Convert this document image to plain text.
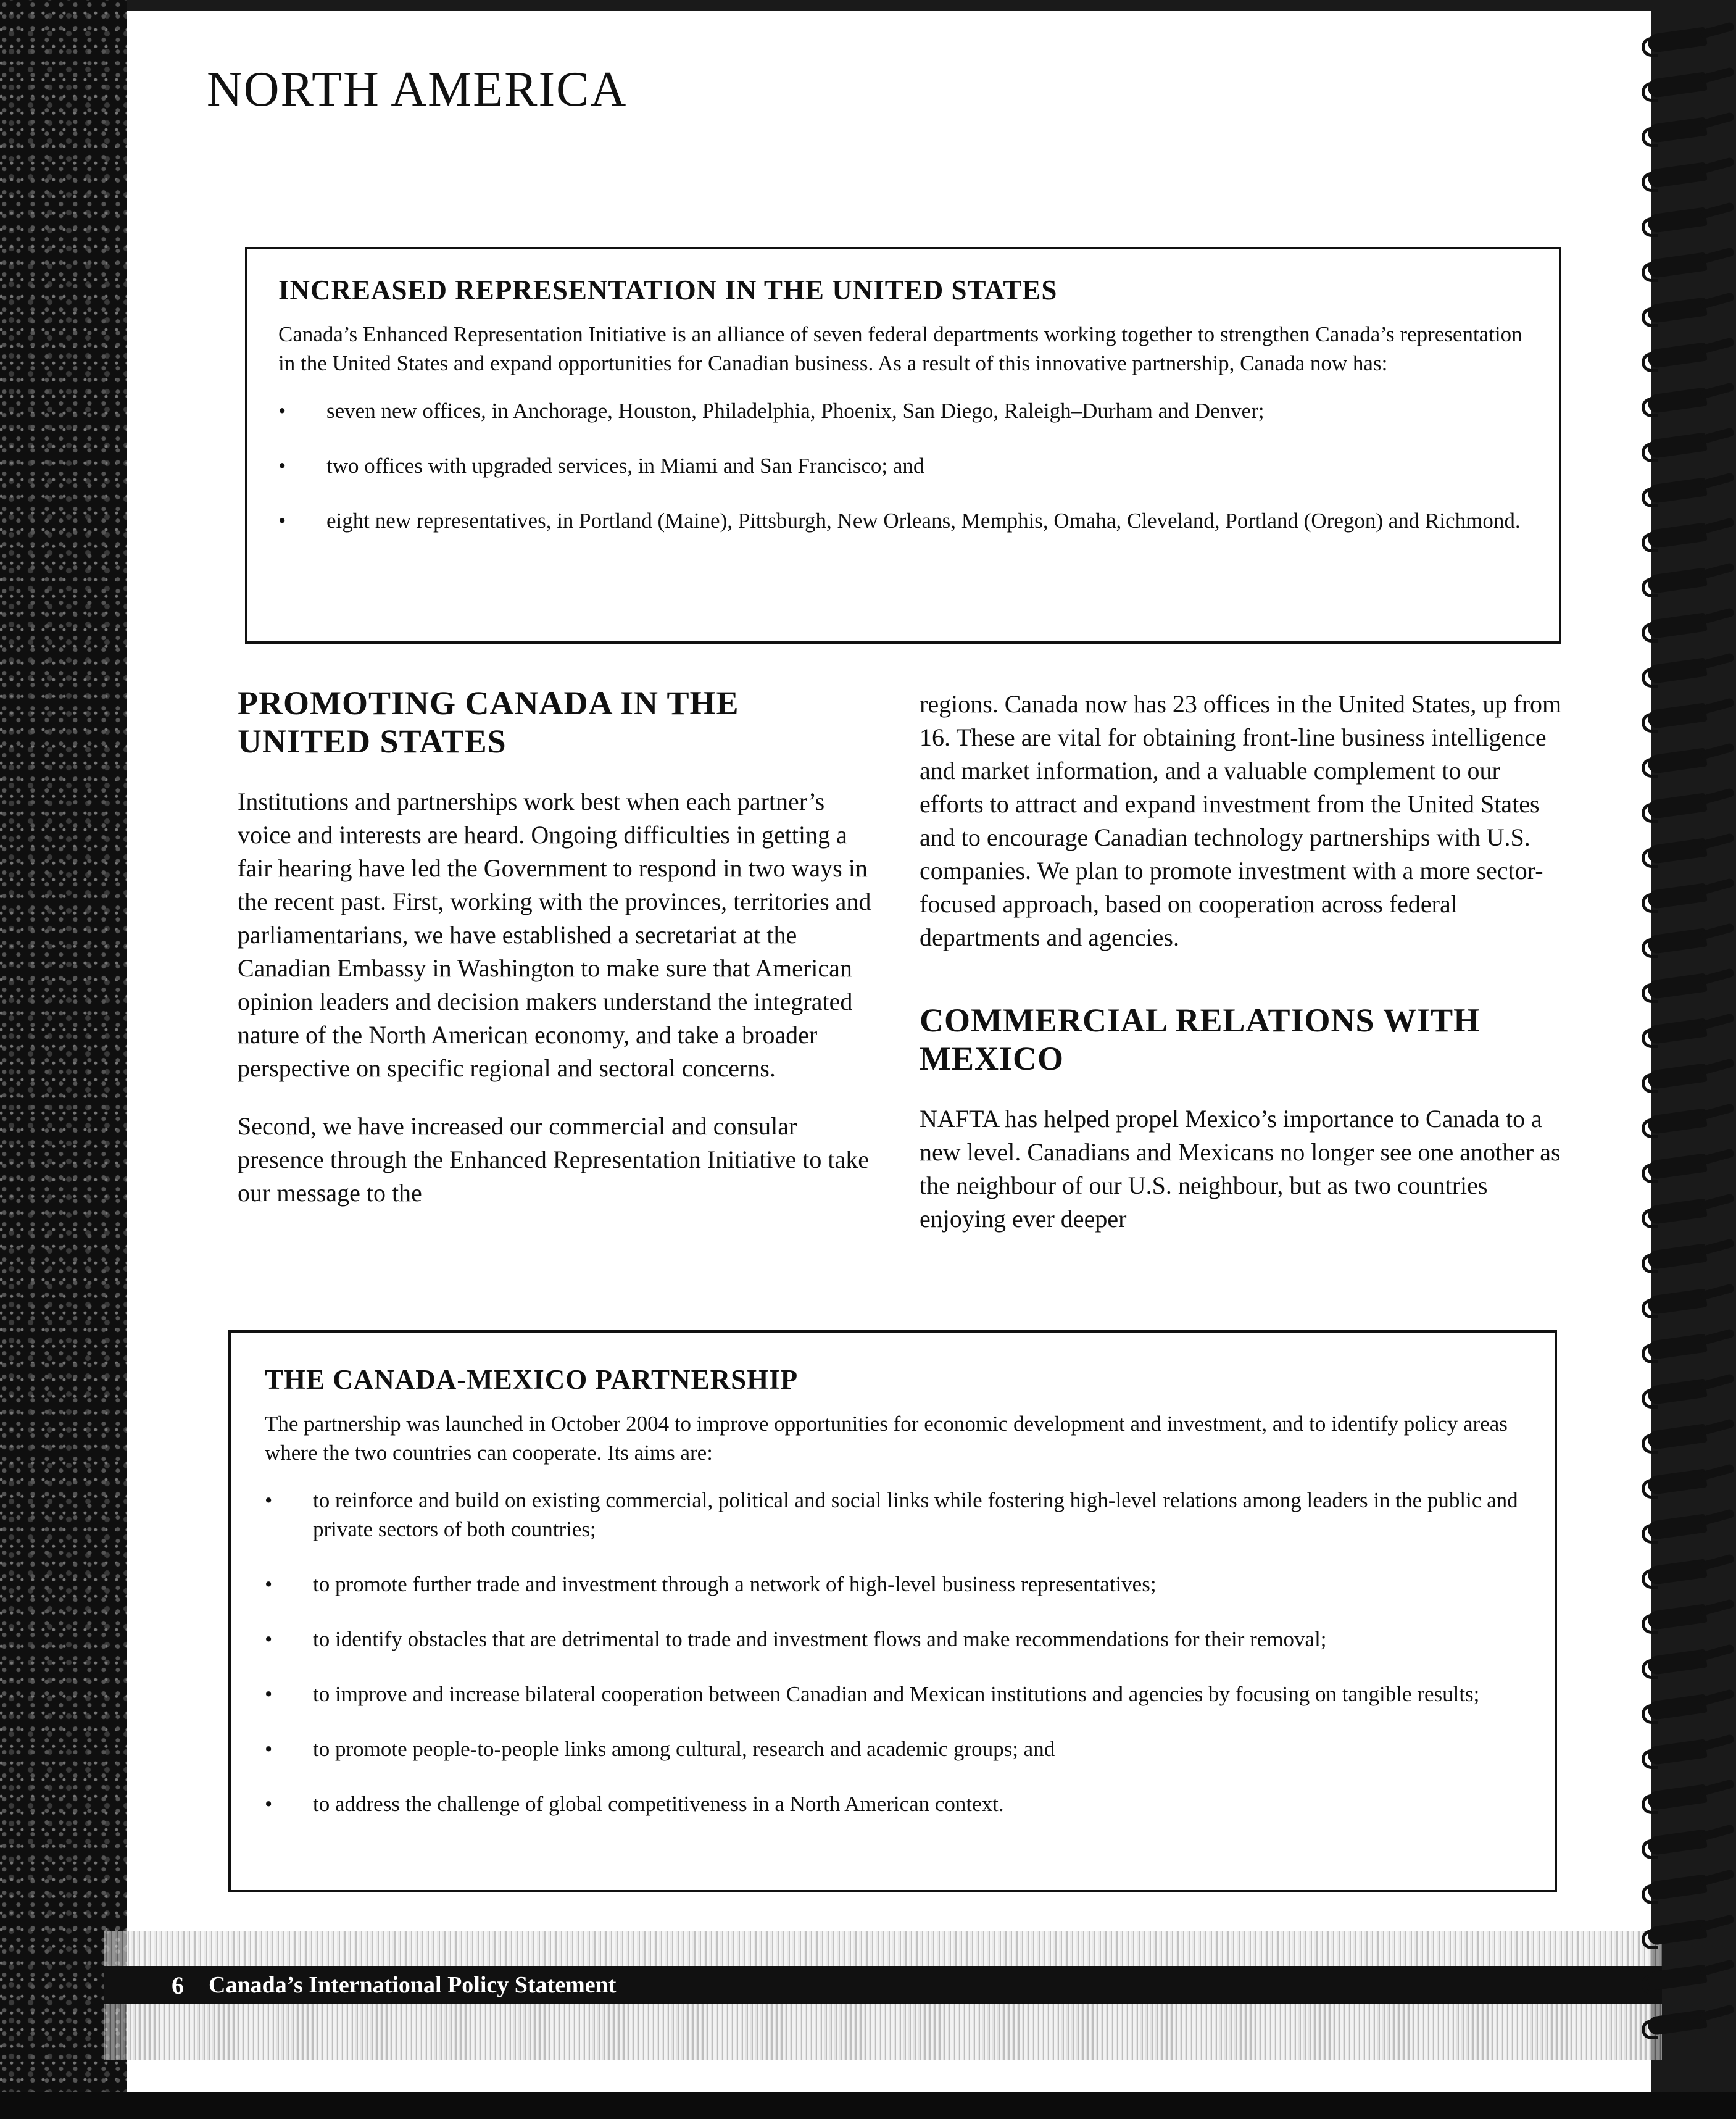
NORTH AMERICA
INCREASED REPRESENTATION IN THE UNITED STATES

Canada’s Enhanced Representation Initiative is an alliance of seven federal departments working together to strengthen Canada’s representation in the United States and expand opportunities for Canadian business. As a result of this innovative partnership, Canada now has:

• seven new offices, in Anchorage, Houston, Philadelphia, Phoenix, San Diego, Raleigh–Durham and Denver;
• two offices with upgraded services, in Miami and San Francisco; and
• eight new representatives, in Portland (Maine), Pittsburgh, New Orleans, Memphis, Omaha, Cleveland, Portland (Oregon) and Richmond.
PROMOTING CANADA IN THE UNITED STATES

Institutions and partnerships work best when each partner’s voice and interests are heard. Ongoing difficulties in getting a fair hearing have led the Government to respond in two ways in the recent past. First, working with the provinces, territories and parliamentarians, we have established a secretariat at the Canadian Embassy in Washington to make sure that American opinion leaders and decision makers understand the integrated nature of the North American economy, and take a broader perspective on specific regional and sectoral concerns.

Second, we have increased our commercial and consular presence through the Enhanced Representation Initiative to take our message to the

regions. Canada now has 23 offices in the United States, up from 16. These are vital for obtaining front-line business intelligence and market information, and a valuable complement to our efforts to attract and expand investment from the United States and to encourage Canadian technology partnerships with U.S. companies. We plan to promote investment with a more sector-focused approach, based on cooperation across federal departments and agencies.

COMMERCIAL RELATIONS WITH MEXICO

NAFTA has helped propel Mexico’s importance to Canada to a new level. Canadians and Mexicans no longer see one another as the neighbour of our U.S. neighbour, but as two countries enjoying ever deeper

THE CANADA-MEXICO PARTNERSHIP

The partnership was launched in October 2004 to improve opportunities for economic development and investment, and to identify policy areas where the two countries can cooperate. Its aims are:

• to reinforce and build on existing commercial, political and social links while fostering high-level relations among leaders in the public and private sectors of both countries;
• to promote further trade and investment through a network of high-level business representatives;
• to identify obstacles that are detrimental to trade and investment flows and make recommendations for their removal;
• to improve and increase bilateral cooperation between Canadian and Mexican institutions and agencies by focusing on tangible results;
• to promote people-to-people links among cultural, research and academic groups; and
• to address the challenge of global competitiveness in a North American context.
6 Canada’s International Policy Statement
